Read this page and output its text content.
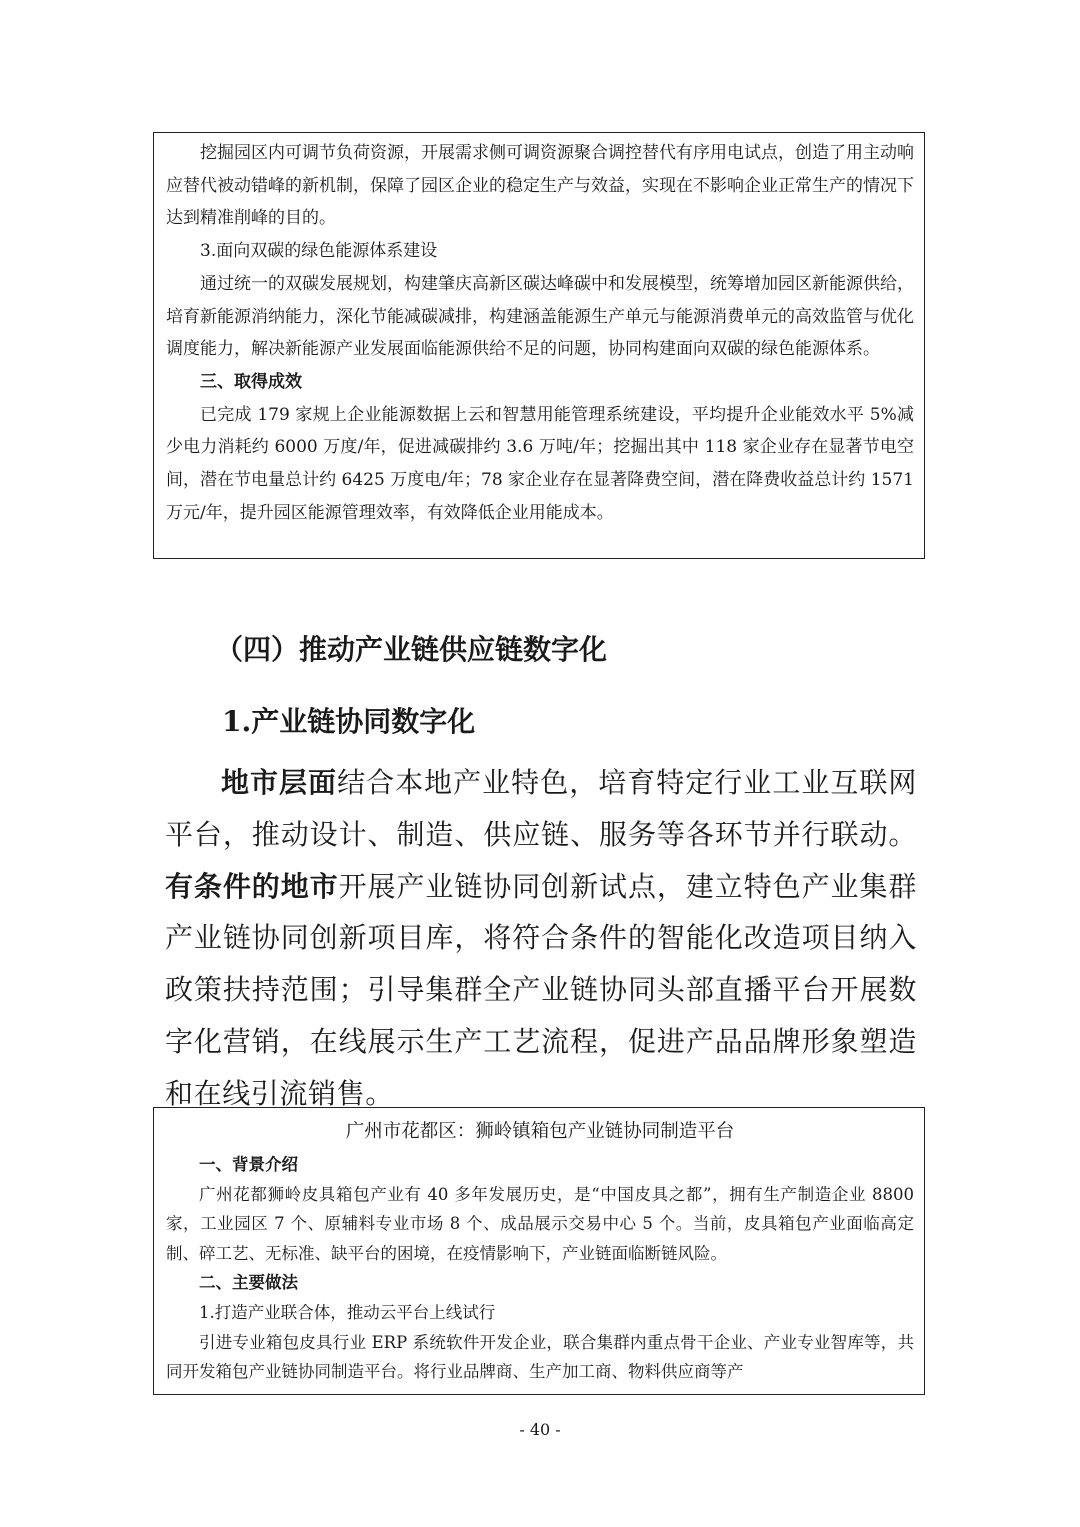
挖掘园区内可调节负荷资源，开展需求侧可调资源聚合调控替代有序用电试点，创造了用主动响应替代被动错峰的新机制，保障了园区企业的稳定生产与效益，实现在不影响企业正常生产的情况下达到精准削峰的目的。

3.面向双碳的绿色能源体系建设

通过统一的双碳发展规划，构建肇庆高新区碳达峰碳中和发展模型，统筹增加园区新能源供给，培育新能源消纳能力，深化节能减碳减排，构建涵盖能源生产单元与能源消费单元的高效监管与优化调度能力，解决新能源产业发展面临能源供给不足的问题，协同构建面向双碳的绿色能源体系。

三、取得成效

已完成 179 家规上企业能源数据上云和智慧用能管理系统建设，平均提升企业能效水平 5%减少电力消耗约 6000 万度/年，促进减碳排约 3.6 万吨/年；挖掘出其中 118 家企业存在显著节电空间，潜在节电量总计约 6425 万度电/年；78 家企业存在显著降费空间，潜在降费收益总计约 1571 万元/年，提升园区能源管理效率，有效降低企业用能成本。

（四）推动产业链供应链数字化
1.产业链协同数字化

地市层面结合本地产业特色，培育特定行业工业互联网平台，推动设计、制造、供应链、服务等各环节并行联动。有条件的地市开展产业链协同创新试点，建立特色产业集群产业链协同创新项目库，将符合条件的智能化改造项目纳入政策扶持范围；引导集群全产业链协同头部直播平台开展数字化营销，在线展示生产工艺流程，促进产品品牌形象塑造和在线引流销售。

广州市花都区：狮岭镇箱包产业链协同制造平台

一、背景介绍

广州花都狮岭皮具箱包产业有 40 多年发展历史，是“中国皮具之都”，拥有生产制造企业 8800 家，工业园区 7 个、原辅料专业市场 8 个、成品展示交易中心 5 个。当前，皮具箱包产业面临高定制、碎工艺、无标准、缺平台的困境，在疫情影响下，产业链面临断链风险。

二、主要做法

1.打造产业联合体，推动云平台上线试行

引进专业箱包皮具行业 ERP 系统软件开发企业，联合集群内重点骨干企业、产业专业智库等，共同开发箱包产业链协同制造平台。将行业品牌商、生产加工商、物料供应商等产

- 40 -
